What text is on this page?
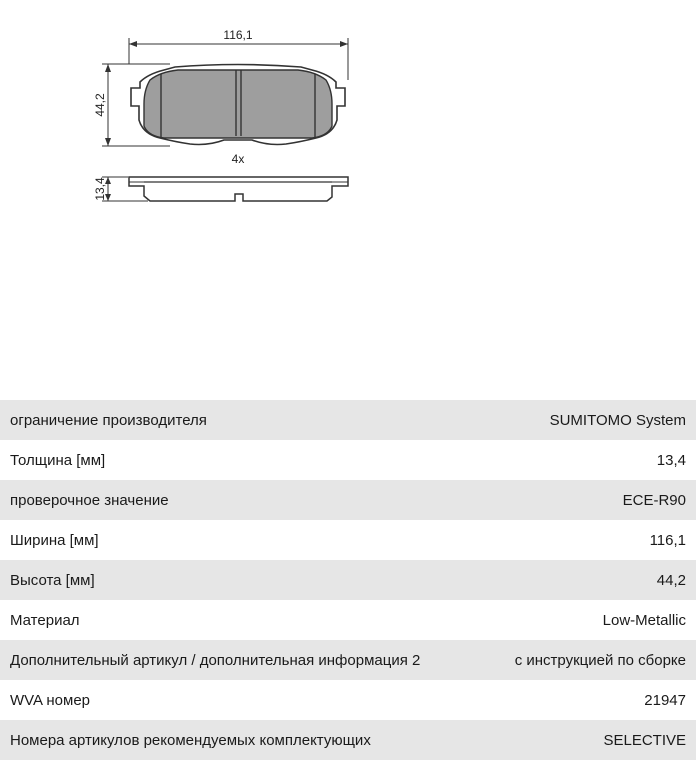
116,1
44,2
4x
13,4
ограничение производителя	SUMITOMO System
Толщина [мм]	13,4
проверочное значение	ECE-R90
Ширина [мм]	116,1
Высота [мм]	44,2
Материал	Low-Metallic
Дополнительный артикул / дополнительная информация 2	с инструкцией по сборке
WVA номер	21947
Номера артикулов рекомендуемых комплектующих	SELECTIVE
